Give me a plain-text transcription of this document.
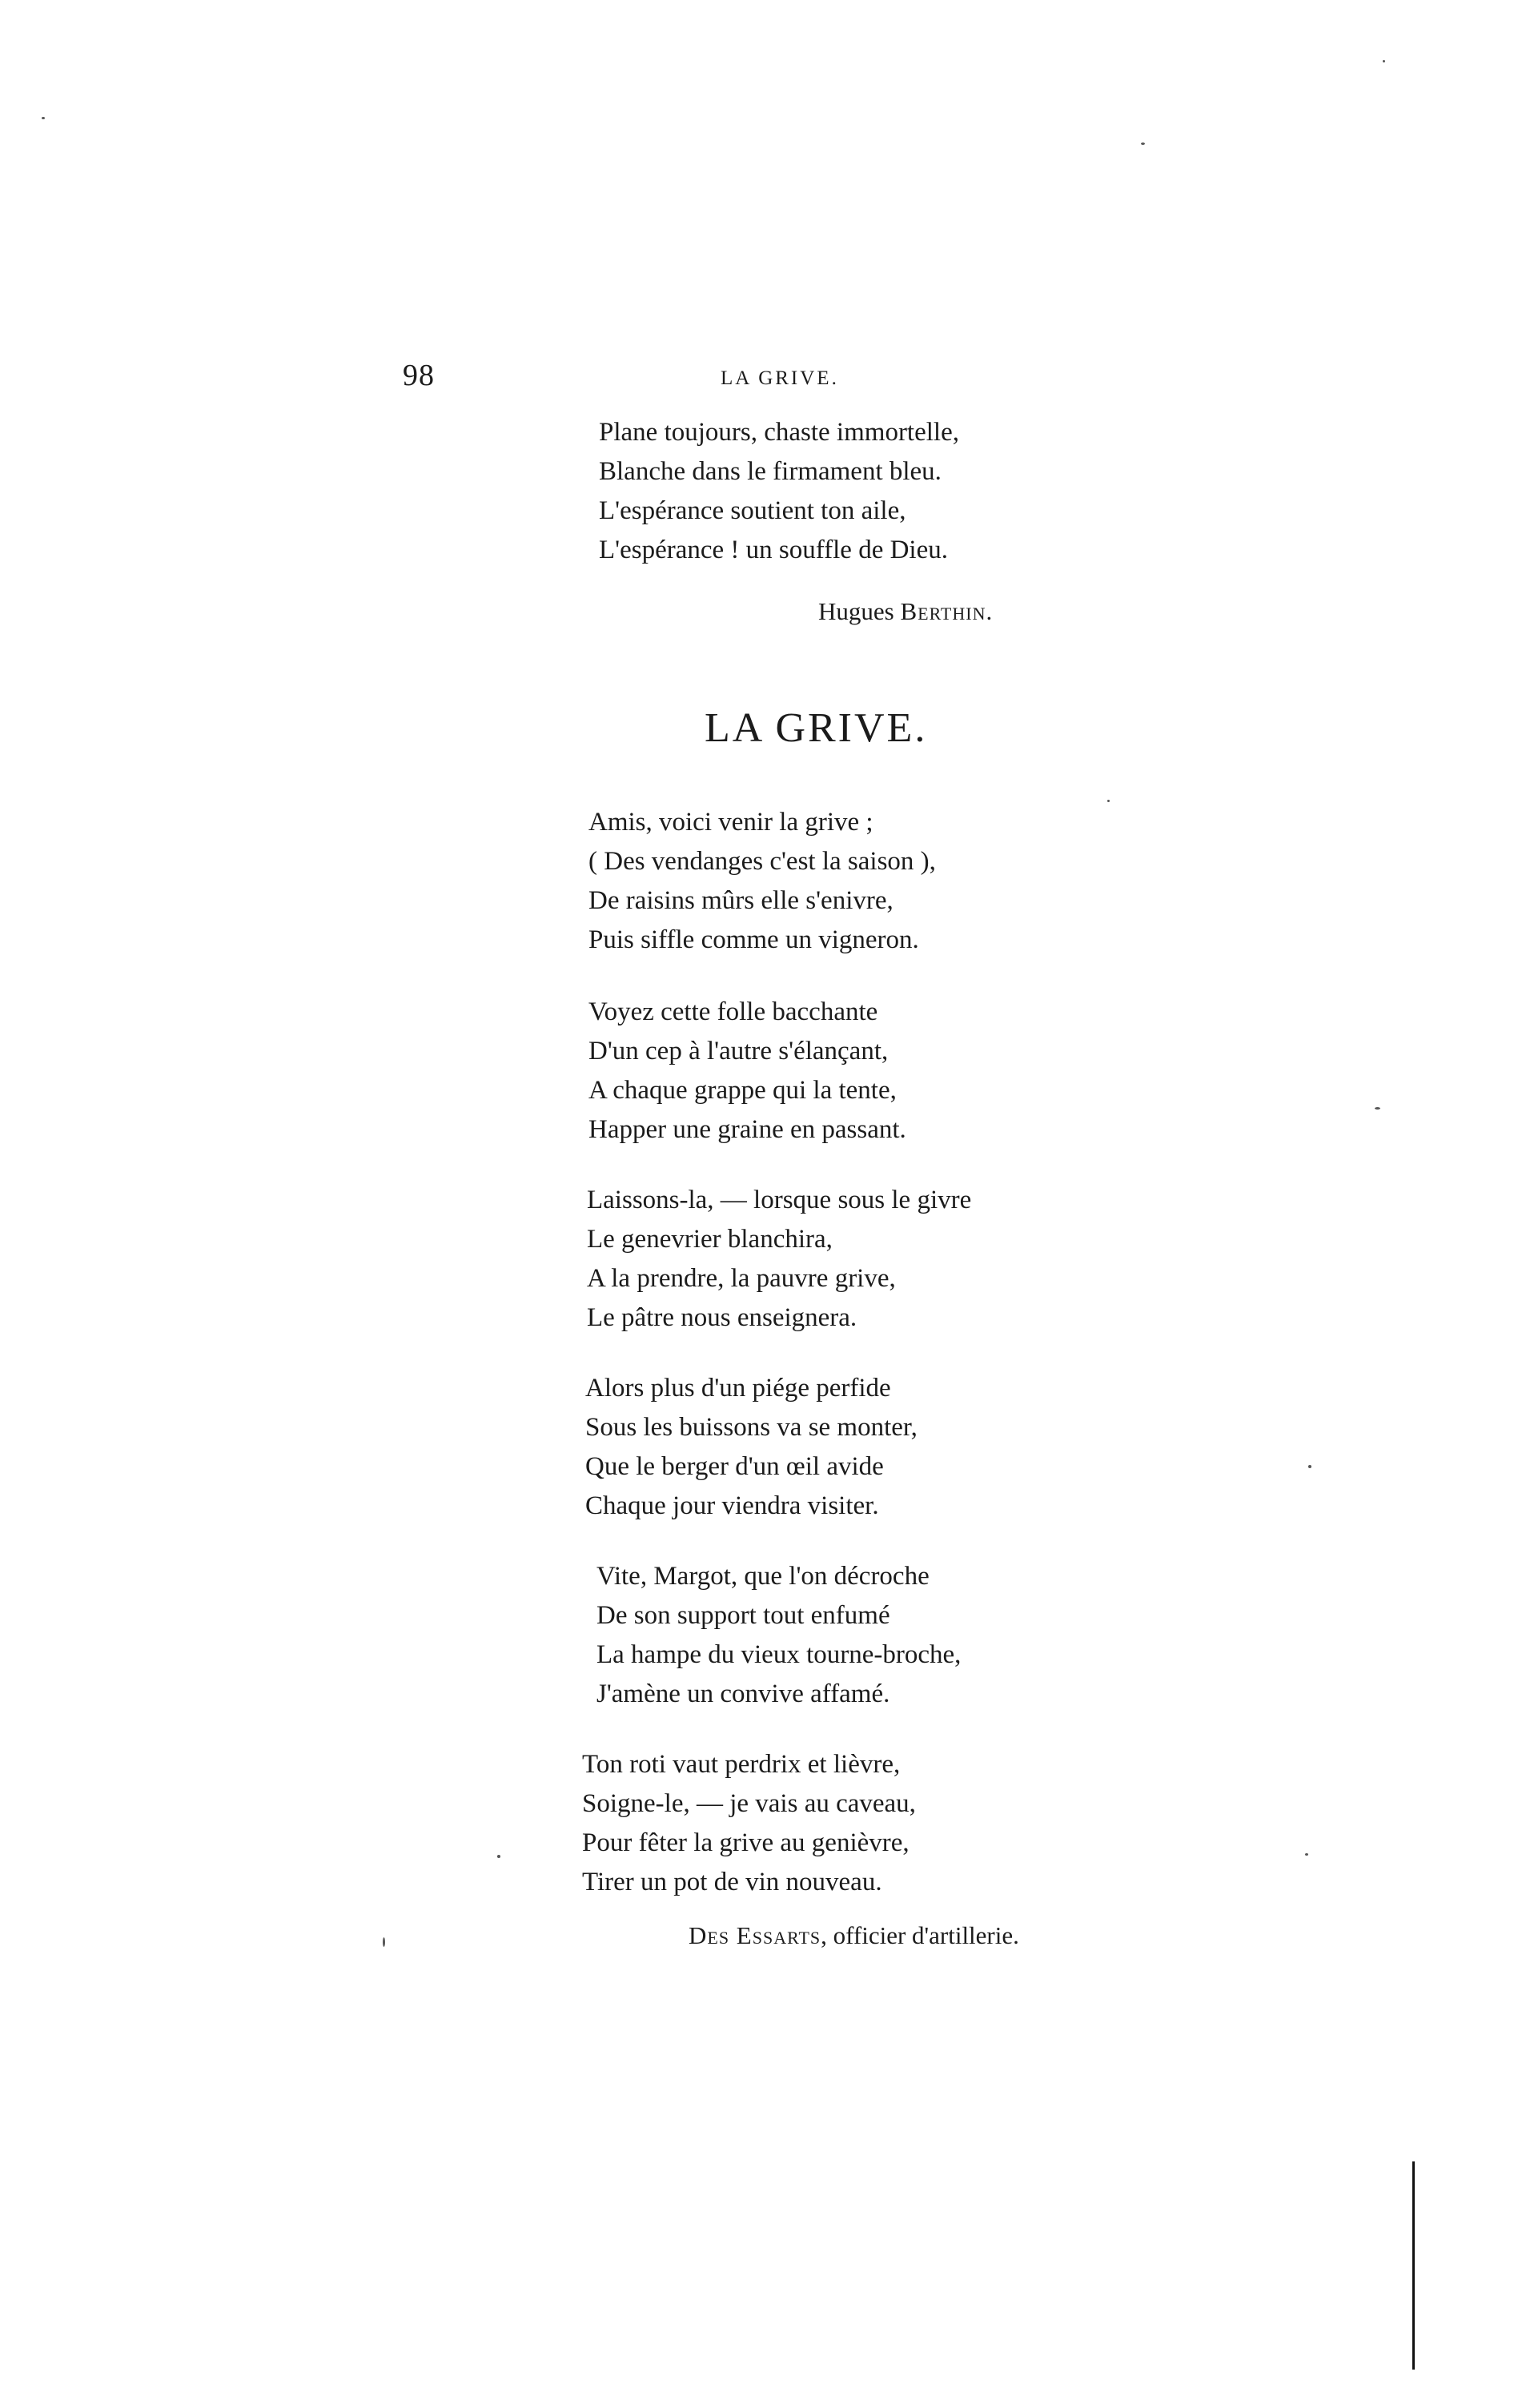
98	LA GRIVE.
Plane toujours, chaste immortelle,
Blanche dans le firmament bleu.
L'espérance soutient ton aile,
L'espérance ! un souffle de Dieu.
Hugues Berthin.
LA GRIVE.
Amis, voici venir la grive ;
( Des vendanges c'est la saison ),
De raisins mûrs elle s'enivre,
Puis siffle comme un vigneron.
Voyez cette folle bacchante
D'un cep à l'autre s'élançant,
A chaque grappe qui la tente,
Happer une graine en passant.
Laissons-la, — lorsque sous le givre
Le genevrier blanchira,
A la prendre, la pauvre grive,
Le pâtre nous enseignera.
Alors plus d'un piége perfide
Sous les buissons va se monter,
Que le berger d'un œil avide
Chaque jour viendra visiter.
Vite, Margot, que l'on décroche
De son support tout enfumé
La hampe du vieux tourne-broche,
J'amène un convive affamé.
Ton roti vaut perdrix et lièvre,
Soigne-le, — je vais au caveau,
Pour fêter la grive au genièvre,
Tirer un pot de vin nouveau.
Des Essarts, officier d'artillerie.
